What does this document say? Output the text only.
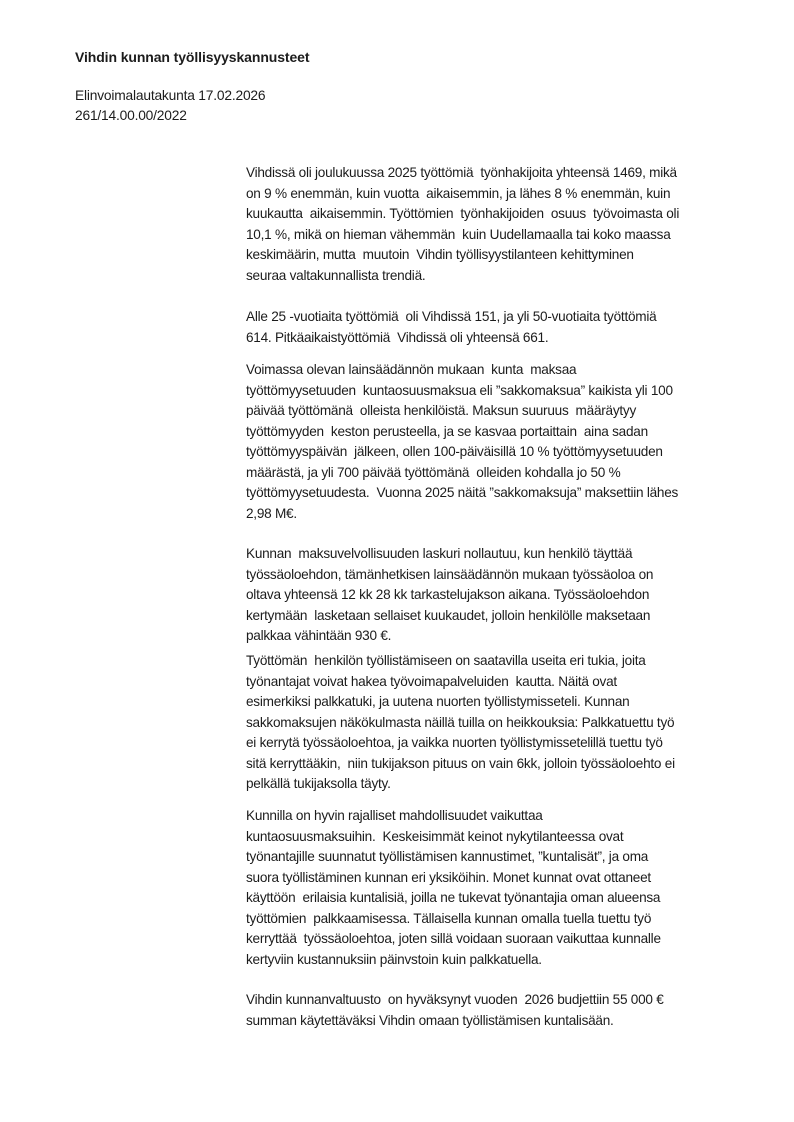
Vihdin kunnan työllisyyskannusteet
Elinvoimalautakunta 17.02.2026
261/14.00.00/2022
Vihdissä oli joulukuussa 2025 työttömiä  työnhakijoita yhteensä 1469, mikä
on 9 % enemmän, kuin vuotta  aikaisemmin, ja lähes 8 % enemmän, kuin
kuukautta  aikaisemmin. Työttömien  työnhakijoiden  osuus  työvoimasta oli
10,1 %, mikä on hieman vähemmän  kuin Uudellamaalla tai koko maassa
keskimäärin, mutta  muutoin  Vihdin työllisyystilanteen kehittyminen
seuraa valtakunnallista trendiä.
Alle 25 -vuotiaita työttömiä  oli Vihdissä 151, ja yli 50-vuotiaita työttömiä
614. Pitkäaikaistyöttömiä  Vihdissä oli yhteensä 661.
Voimassa olevan lainsäädännön mukaan  kunta  maksaa
työttömyysetuuden  kuntaosuusmaksua eli ”sakkomaksua” kaikista yli 100
päivää työttömänä  olleista henkilöistä. Maksun suuruus  määräytyy
työttömyyden  keston perusteella, ja se kasvaa portaittain  aina sadan
työttömyyspäivän  jälkeen, ollen 100-päiväisillä 10 % työttömyysetuuden
määrästä, ja yli 700 päivää työttömänä  olleiden kohdalla jo 50 %
työttömyysetuudesta.  Vuonna 2025 näitä ”sakkomaksuja” maksettiin lähes
2,98 M€.
Kunnan  maksuvelvollisuuden laskuri nollautuu, kun henkilö täyttää
työssäoloehdon, tämänhetkisen lainsäädännön mukaan työssäoloa on
oltava yhteensä 12 kk 28 kk tarkastelujakson aikana. Työssäoloehdon
kertymään  lasketaan sellaiset kuukaudet, jolloin henkilölle maksetaan
palkkaa vähintään 930 €.
Työttömän  henkilön työllistämiseen on saatavilla useita eri tukia, joita
työnantajat voivat hakea työvoimapalveluiden  kautta. Näitä ovat
esimerkiksi palkkatuki, ja uutena nuorten työllistymisseteli. Kunnan
sakkomaksujen näkökulmasta näillä tuilla on heikkouksia: Palkkatuettu työ
ei kerrytä työssäoloehtoa, ja vaikka nuorten työllistymissetelillä tuettu työ
sitä kerryttääkin,  niin tukijakson pituus on vain 6kk, jolloin työssäoloehto ei
pelkällä tukijaksolla täyty.
Kunnilla on hyvin rajalliset mahdollisuudet vaikuttaa
kuntaosuusmaksuihin.  Keskeisimmät keinot nykytilanteessa ovat
työnantajille suunnatut työllistämisen kannustimet, ”kuntalisät”, ja oma
suora työllistäminen kunnan eri yksiköihin. Monet kunnat ovat ottaneet
käyttöön  erilaisia kuntalisiä, joilla ne tukevat työnantajia oman alueensa
työttömien  palkkaamisessa. Tällaisella kunnan omalla tuella tuettu työ
kerryttää  työssäoloehtoa, joten sillä voidaan suoraan vaikuttaa kunnalle
kertyviin kustannuksiin päinvstoin kuin palkkatuella.
Vihdin kunnanvaltuusto  on hyväksynyt vuoden  2026 budjettiin 55 000 €
summan käytettäväksi Vihdin omaan työllistämisen kuntalisään.
